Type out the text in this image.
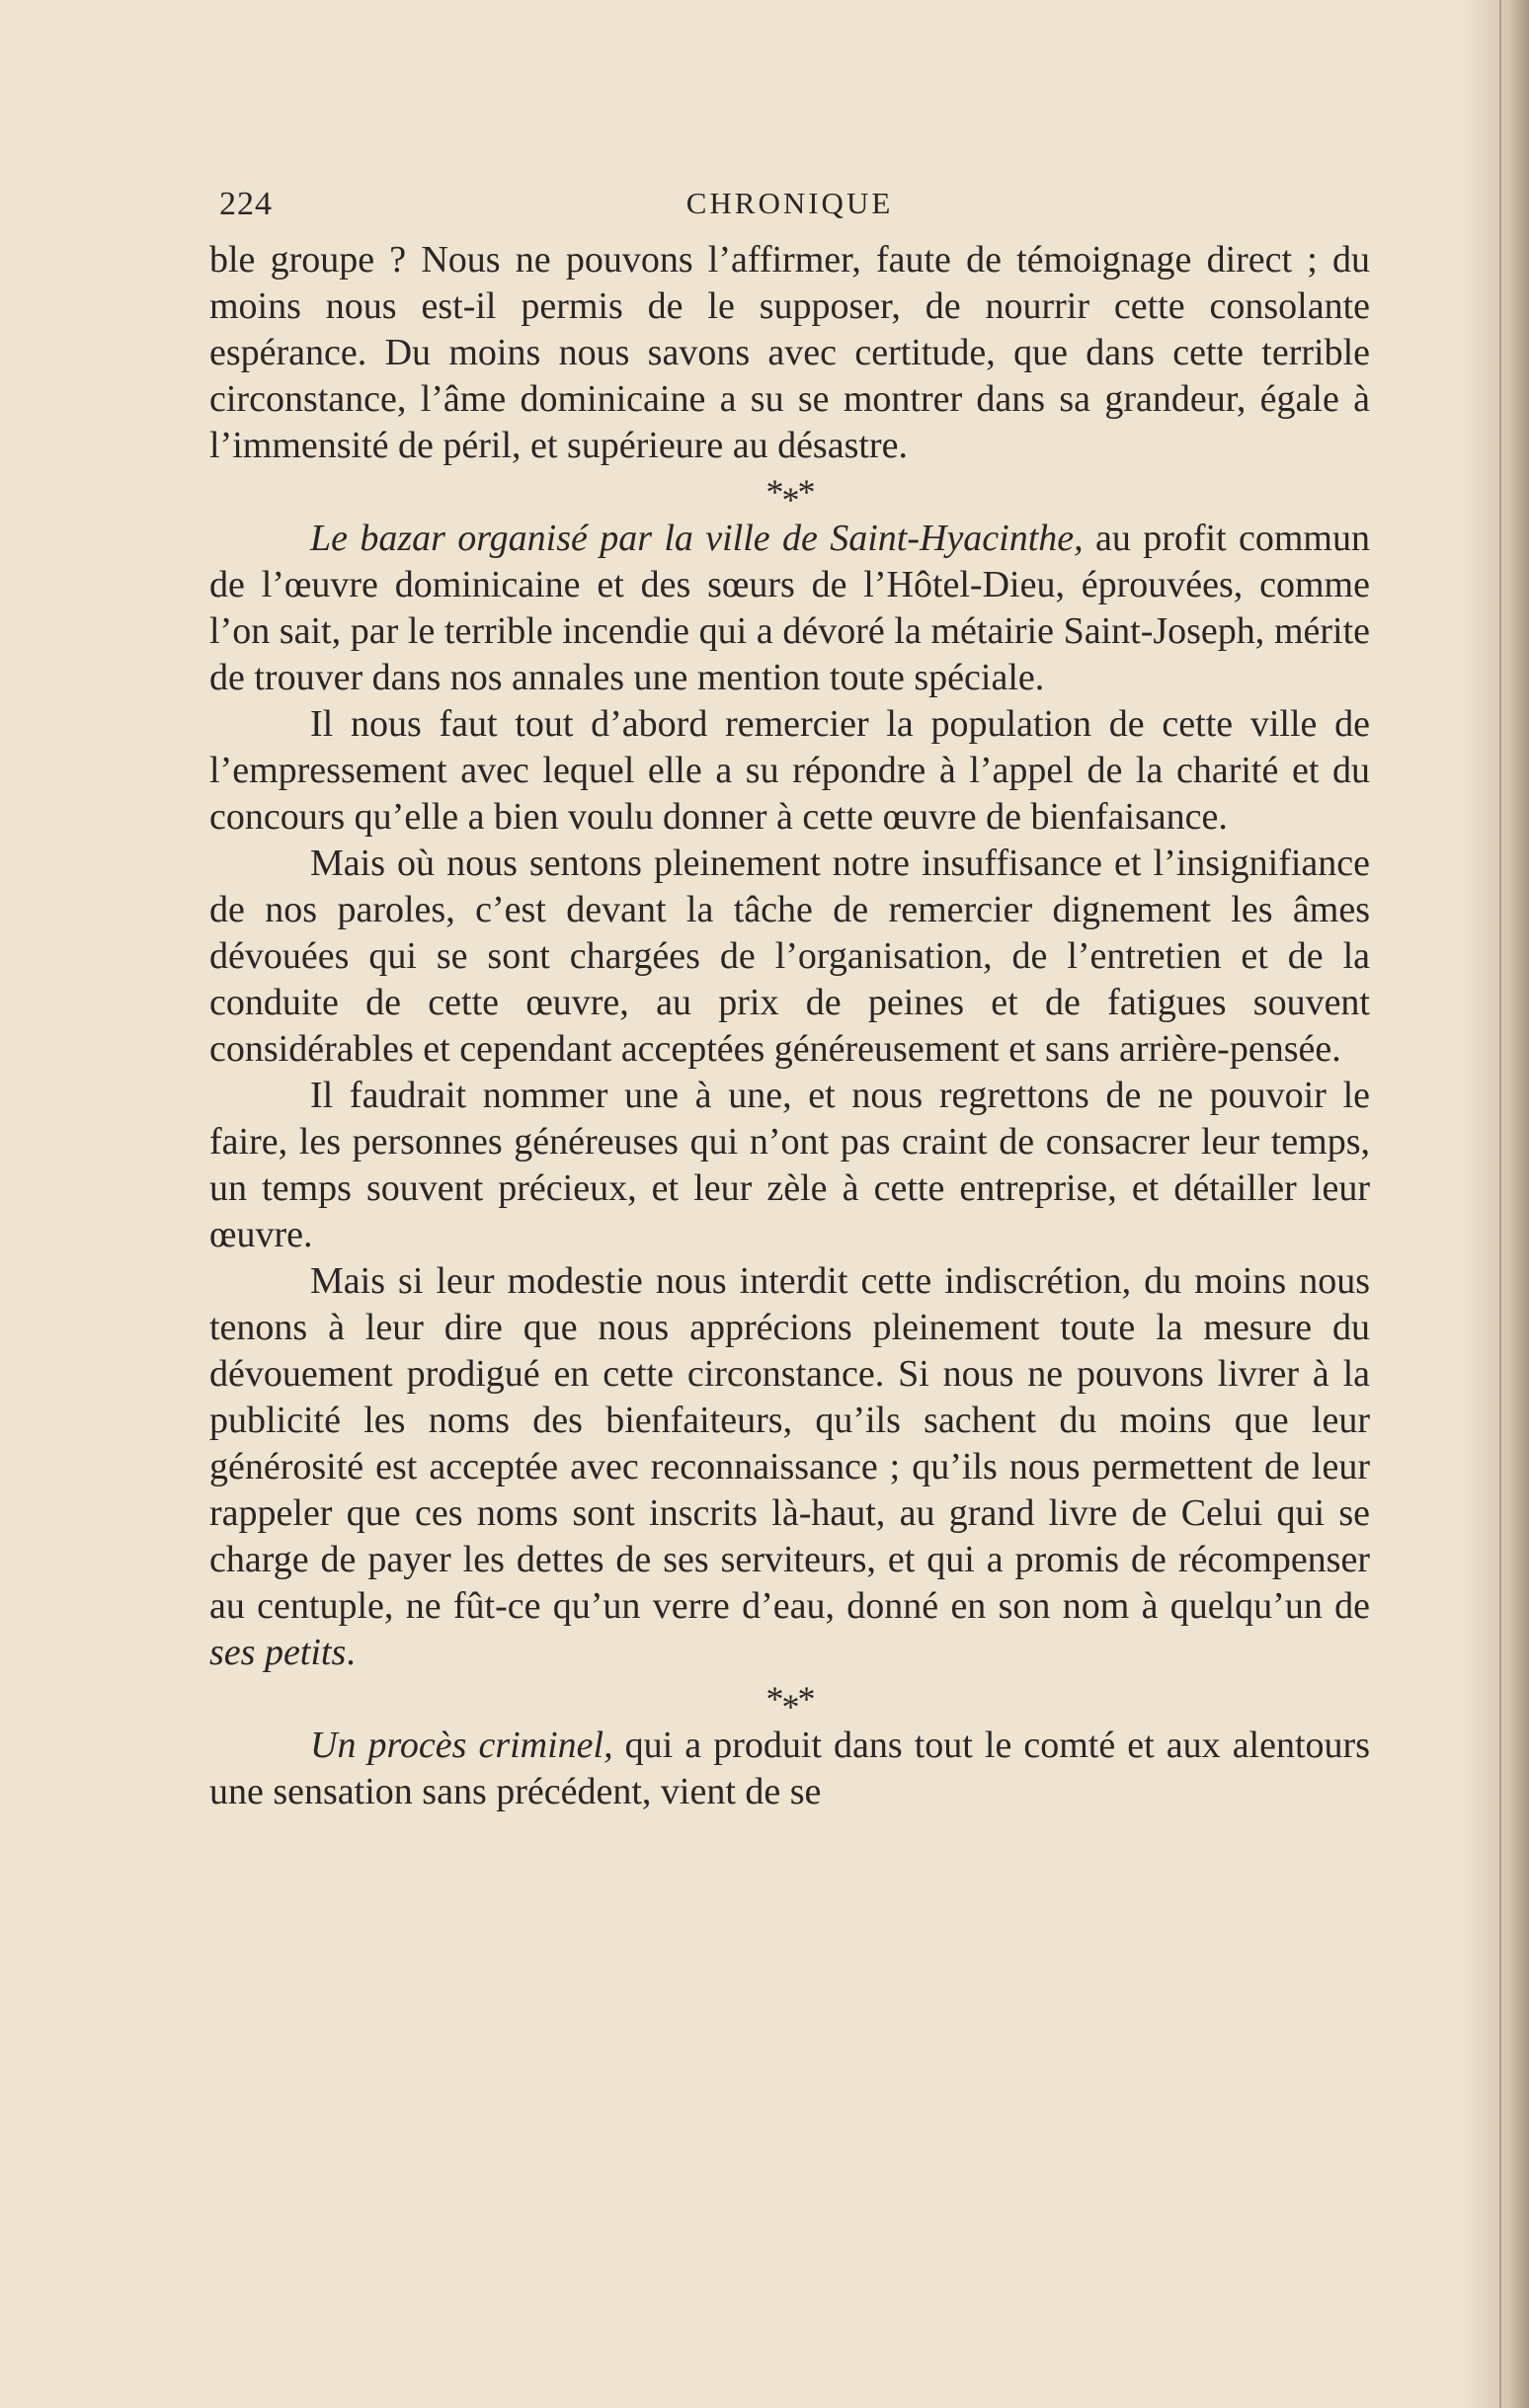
224	CHRONIQUE

ble groupe ? Nous ne pouvons l’affirmer, faute de témoignage direct ; du moins nous est-il permis de le supposer, de nourrir cette consolante espérance. Du moins nous savons avec certitude, que dans cette terrible circonstance, l’âme dominicaine a su se montrer dans sa grandeur, égale à l’immensité de péril, et supérieure au désastre.

***

Le bazar organisé par la ville de Saint-Hyacinthe, au profit commun de l’œuvre dominicaine et des sœurs de l’Hôtel-Dieu, éprouvées, comme l’on sait, par le terrible incendie qui a dévoré la métairie Saint-Joseph, mérite de trouver dans nos annales une mention toute spéciale.

Il nous faut tout d’abord remercier la population de cette ville de l’empressement avec lequel elle a su répondre à l’appel de la charité et du concours qu’elle a bien voulu donner à cette œuvre de bienfaisance.

Mais où nous sentons pleinement notre insuffisance et l’insignifiance de nos paroles, c’est devant la tâche de remercier dignement les âmes dévouées qui se sont chargées de l’organisation, de l’entretien et de la conduite de cette œuvre, au prix de peines et de fatigues souvent considérables et cependant acceptées généreusement et sans arrière-pensée.

Il faudrait nommer une à une, et nous regrettons de ne pouvoir le faire, les personnes généreuses qui n’ont pas craint de consacrer leur temps, un temps souvent précieux, et leur zèle à cette entreprise, et détailler leur œuvre.

Mais si leur modestie nous interdit cette indiscrétion, du moins nous tenons à leur dire que nous apprécions pleinement toute la mesure du dévouement prodigué en cette circonstance. Si nous ne pouvons livrer à la publicité les noms des bienfaiteurs, qu’ils sachent du moins que leur générosité est acceptée avec reconnaissance ; qu’ils nous permettent de leur rappeler que ces noms sont inscrits là-haut, au grand livre de Celui qui se charge de payer les dettes de ses serviteurs, et qui a promis de récompenser au centuple, ne fût-ce qu’un verre d’eau, donné en son nom à quelqu’un de ses petits.

***

Un procès criminel, qui a produit dans tout le comté et aux alentours une sensation sans précédent, vient de se
